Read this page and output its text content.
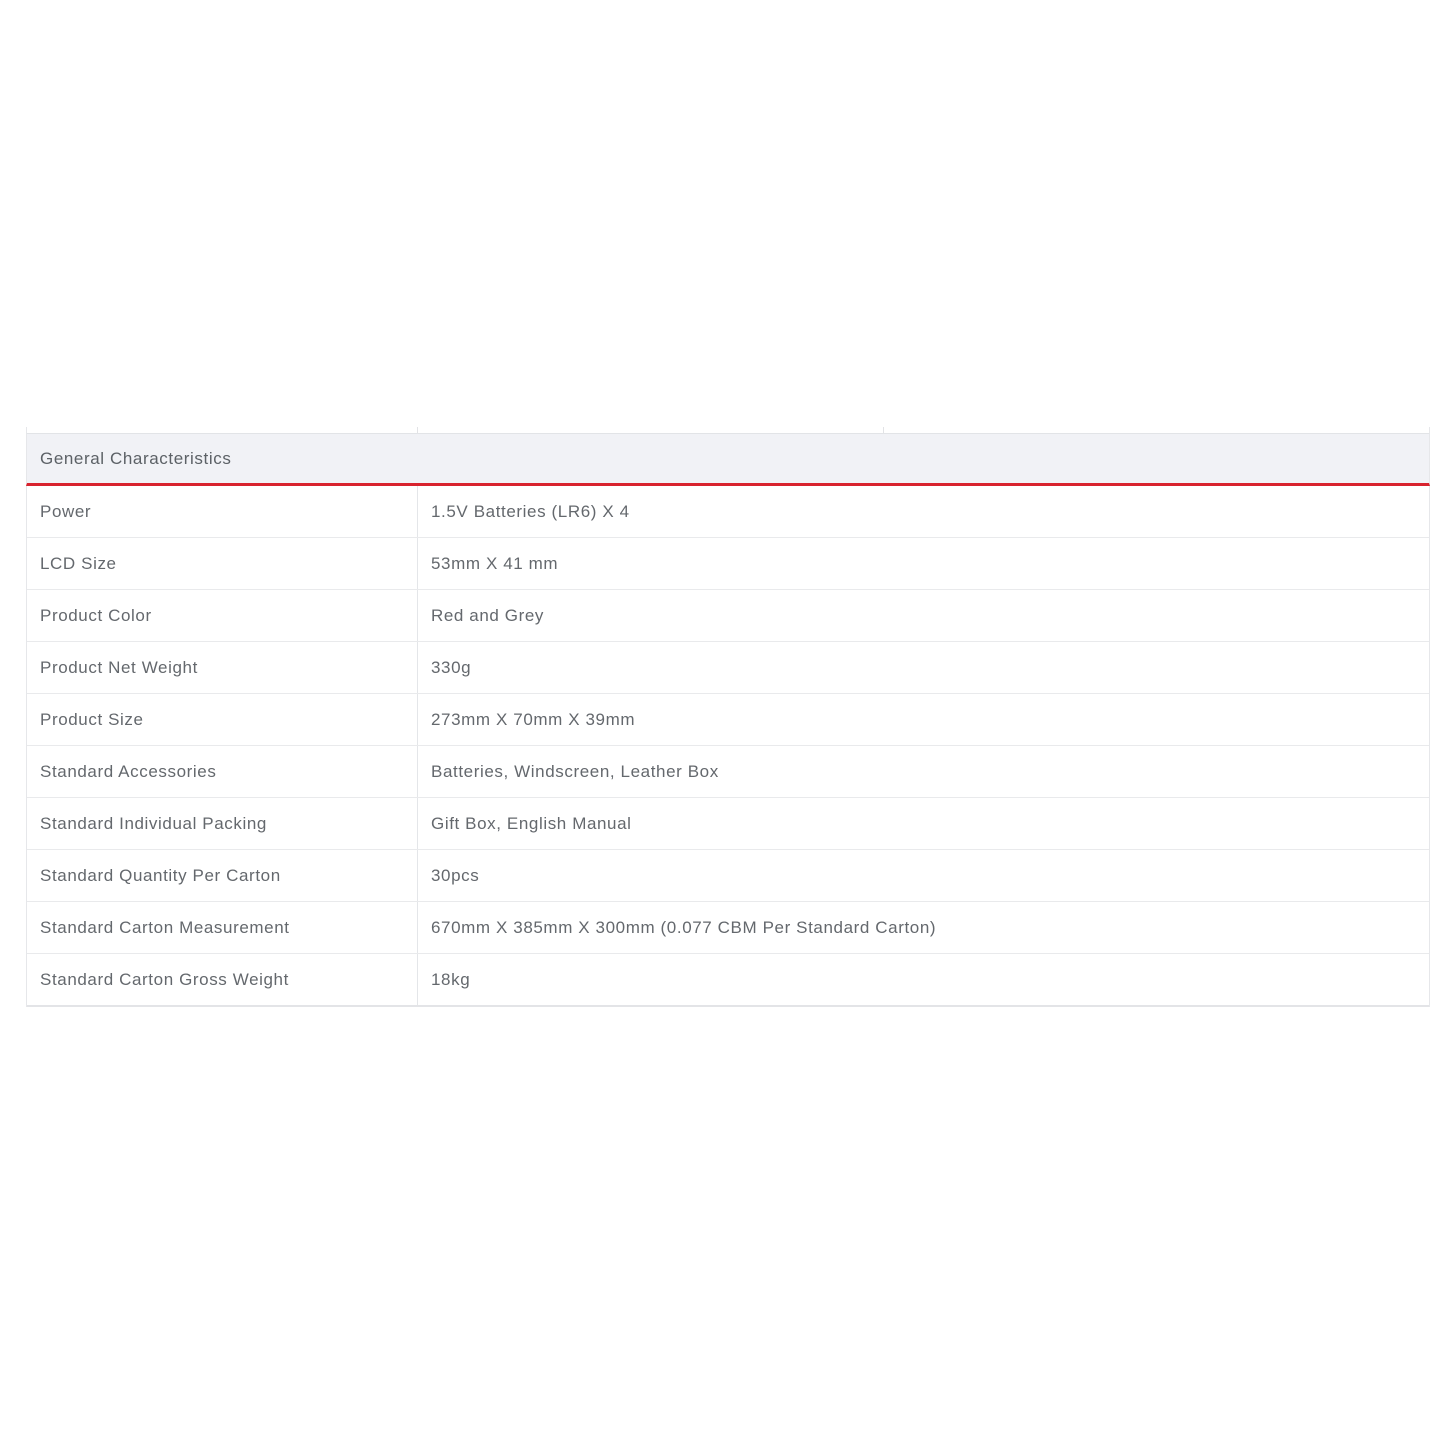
General Characteristics
Power	1.5V Batteries (LR6) X 4
LCD Size	53mm X 41 mm
Product Color	Red and Grey
Product Net Weight	330g
Product Size	273mm X 70mm X 39mm
Standard Accessories	Batteries, Windscreen, Leather Box
Standard Individual Packing	Gift Box, English Manual
Standard Quantity Per Carton	30pcs
Standard Carton Measurement	670mm X 385mm X 300mm (0.077 CBM Per Standard Carton)
Standard Carton Gross Weight	18kg
